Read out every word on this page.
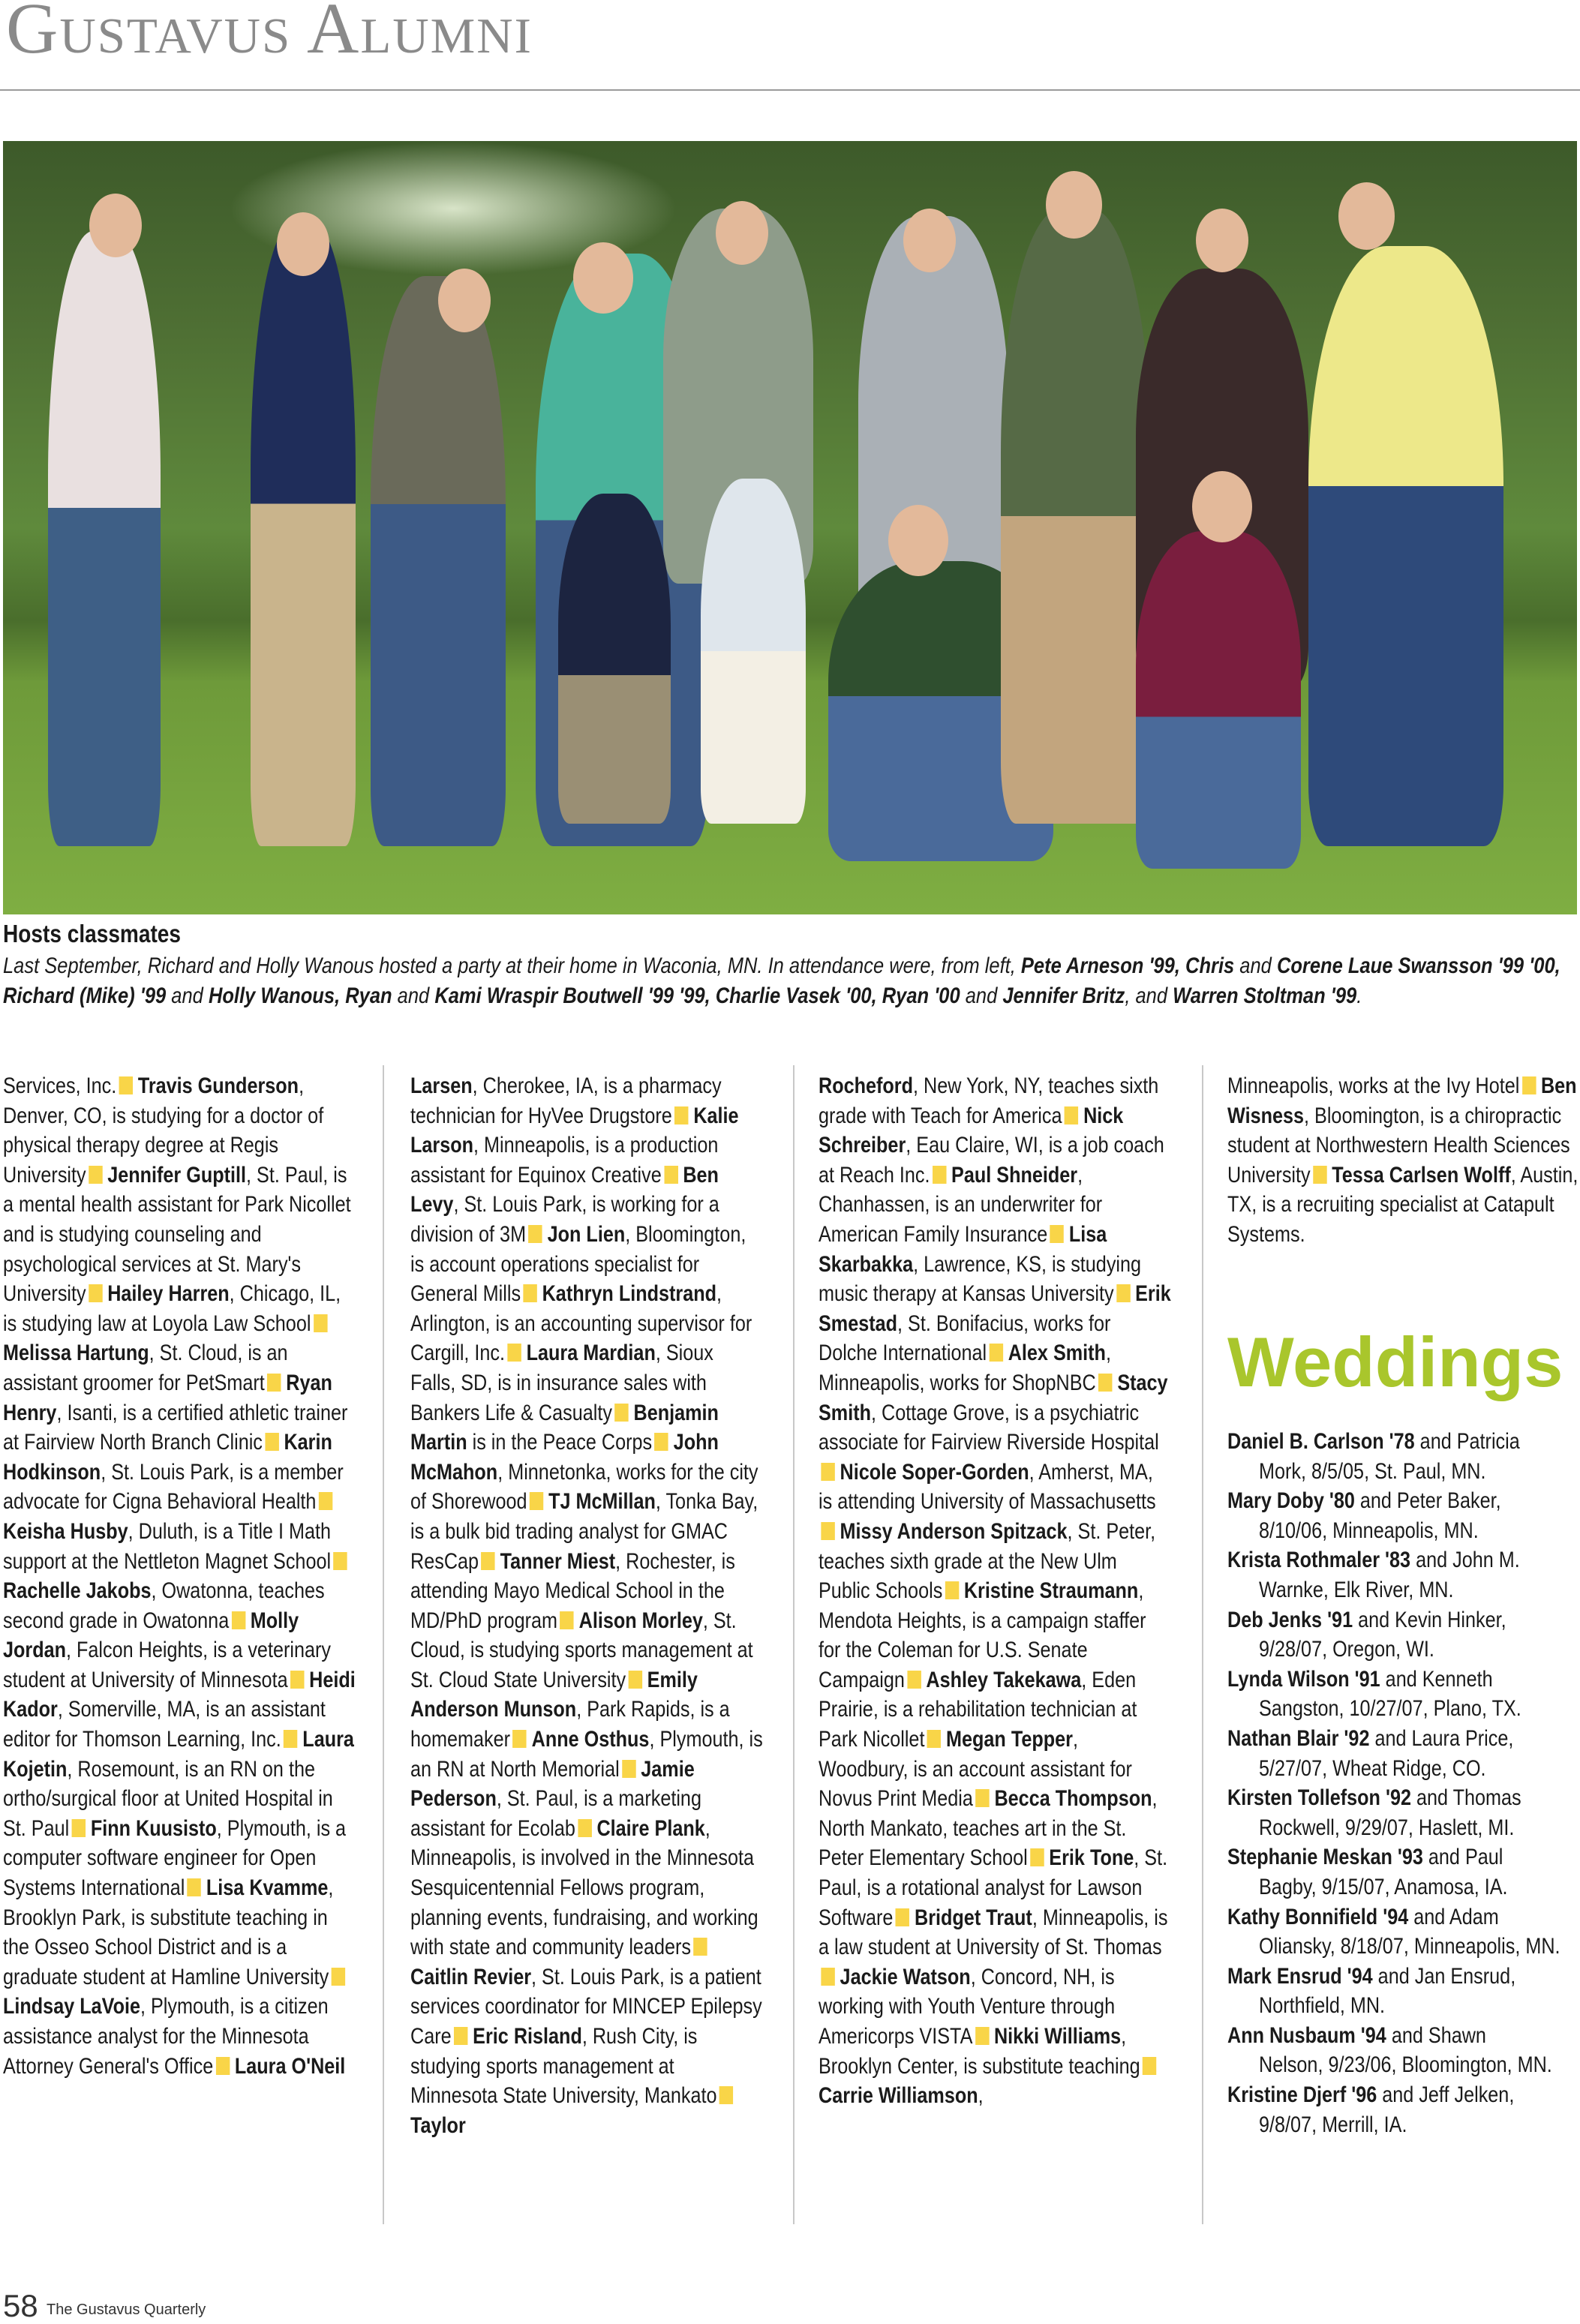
Gustavus Alumni
Hosts classmates
Last September, Richard and Holly Wanous hosted a party at their home in Waconia, MN. In attendance were, from left, Pete Arneson '99, Chris and Corene Laue Swansson '99 '00, Richard (Mike) '99 and Holly Wanous, Ryan and Kami Wraspir Boutwell '99 '99, Charlie Vasek '00, Ryan '00 and Jennifer Britz, and Warren Stoltman '99.
Services, Inc. Travis Gunderson, Denver, CO, is studying for a doctor of physical therapy degree at Regis University Jennifer Guptill, St. Paul, is a mental health assistant for Park Nicollet and is studying counseling and psychological services at St. Mary's University Hailey Harren, Chicago, IL, is studying law at Loyola Law SchoolMelissa Hartung, St. Cloud, is an assistant groomer for PetSmart Ryan Henry, Isanti, is a certified athletic trainer at Fairview North Branch Clinic Karin Hodkinson, St. Louis Park, is a member advocate for Cigna Behavioral HealthKeisha Husby, Duluth, is a Title I Math support at the Nettleton Magnet SchoolRachelle Jakobs, Owatonna, teaches second grade in Owatonna Molly Jordan, Falcon Heights, is a veterinary student at University of Minnesota Heidi Kador, Somerville, MA, is an assistant editor for Thomson Learning, Inc. Laura Kojetin, Rosemount, is an RN on the ortho/surgical floor at United Hospital in St. Paul Finn Kuusisto, Plymouth, is a computer software engineer for Open Systems International Lisa Kvamme, Brooklyn Park, is substitute teaching in the Osseo School District and is a graduate student at Hamline UniversityLindsay LaVoie, Plymouth, is a citizen assistance analyst for the Minnesota Attorney General's Office Laura O'Neil
Larsen, Cherokee, IA, is a pharmacy technician for HyVee Drugstore Kalie Larson, Minneapolis, is a production assistant for Equinox Creative Ben Levy, St. Louis Park, is working for a division of 3M Jon Lien, Bloomington, is account operations specialist for General Mills Kathryn Lindstrand, Arlington, is an accounting supervisor for Cargill, Inc. Laura Mardian, Sioux Falls, SD, is in insurance sales with Bankers Life & Casualty Benjamin Martin is in the Peace Corps John McMahon, Minnetonka, works for the city of Shorewood TJ McMillan, Tonka Bay, is a bulk bid trading analyst for GMAC ResCap Tanner Miest, Rochester, is attending Mayo Medical School in the MD/PhD program Alison Morley, St. Cloud, is studying sports management at St. Cloud State University Emily Anderson Munson, Park Rapids, is a homemaker Anne Osthus, Plymouth, is an RN at North Memorial Jamie Pederson, St. Paul, is a marketing assistant for Ecolab Claire Plank, Minneapolis, is involved in the Minnesota Sesquicentennial Fellows program, planning events, fundraising, and working with state and community leadersCaitlin Revier, St. Louis Park, is a patient services coordinator for MINCEP Epilepsy Care Eric Risland, Rush City, is studying sports management at Minnesota State University, MankatoTaylor
Rocheford, New York, NY, teaches sixth grade with Teach for America Nick Schreiber, Eau Claire, WI, is a job coach at Reach Inc. Paul Shneider, Chanhassen, is an underwriter for American Family Insurance Lisa Skarbakka, Lawrence, KS, is studying music therapy at Kansas University Erik Smestad, St. Bonifacius, works for Dolche International Alex Smith, Minneapolis, works for ShopNBC Stacy Smith, Cottage Grove, is a psychiatric associate for Fairview Riverside HospitalNicole Soper-Gorden, Amherst, MA, is attending University of MassachusettsMissy Anderson Spitzack, St. Peter, teaches sixth grade at the New Ulm Public Schools Kristine Straumann, Mendota Heights, is a campaign staffer for the Coleman for U.S. Senate Campaign Ashley Takekawa, Eden Prairie, is a rehabilitation technician at Park Nicollet Megan Tepper, Woodbury, is an account assistant for Novus Print Media Becca Thompson, North Mankato, teaches art in the St. Peter Elementary School Erik Tone, St. Paul, is a rotational analyst for Lawson Software Bridget Traut, Minneapolis, is a law student at University of St. ThomasJackie Watson, Concord, NH, is working with Youth Venture through Americorps VISTA Nikki Williams, Brooklyn Center, is substitute teachingCarrie Williamson,
Minneapolis, works at the Ivy Hotel Ben Wisness, Bloomington, is a chiropractic student at Northwestern Health Sciences University Tessa Carlsen Wolff, Austin, TX, is a recruiting specialist at Catapult Systems.
Weddings

Daniel B. Carlson '78 and Patricia
Mork, 8/5/05, St. Paul, MN.

Mary Doby '80 and Peter Baker,
8/10/06, Minneapolis, MN.

Krista Rothmaler '83 and John M.
Warnke, Elk River, MN.

Deb Jenks '91 and Kevin Hinker,
9/28/07, Oregon, WI.

Lynda Wilson '91 and Kenneth
Sangston, 10/27/07, Plano, TX.

Nathan Blair '92 and Laura Price,
5/27/07, Wheat Ridge, CO.

Kirsten Tollefson '92 and Thomas
Rockwell, 9/29/07, Haslett, MI.

Stephanie Meskan '93 and Paul
Bagby, 9/15/07, Anamosa, IA.

Kathy Bonnifield '94 and Adam
Oliansky, 8/18/07, Minneapolis, MN.

Mark Ensrud '94 and Jan Ensrud,
Northfield, MN.

Ann Nusbaum '94 and Shawn
Nelson, 9/23/06, Bloomington, MN.

Kristine Djerf '96 and Jeff Jelken,
9/8/07, Merrill, IA.

58 The Gustavus Quarterly
